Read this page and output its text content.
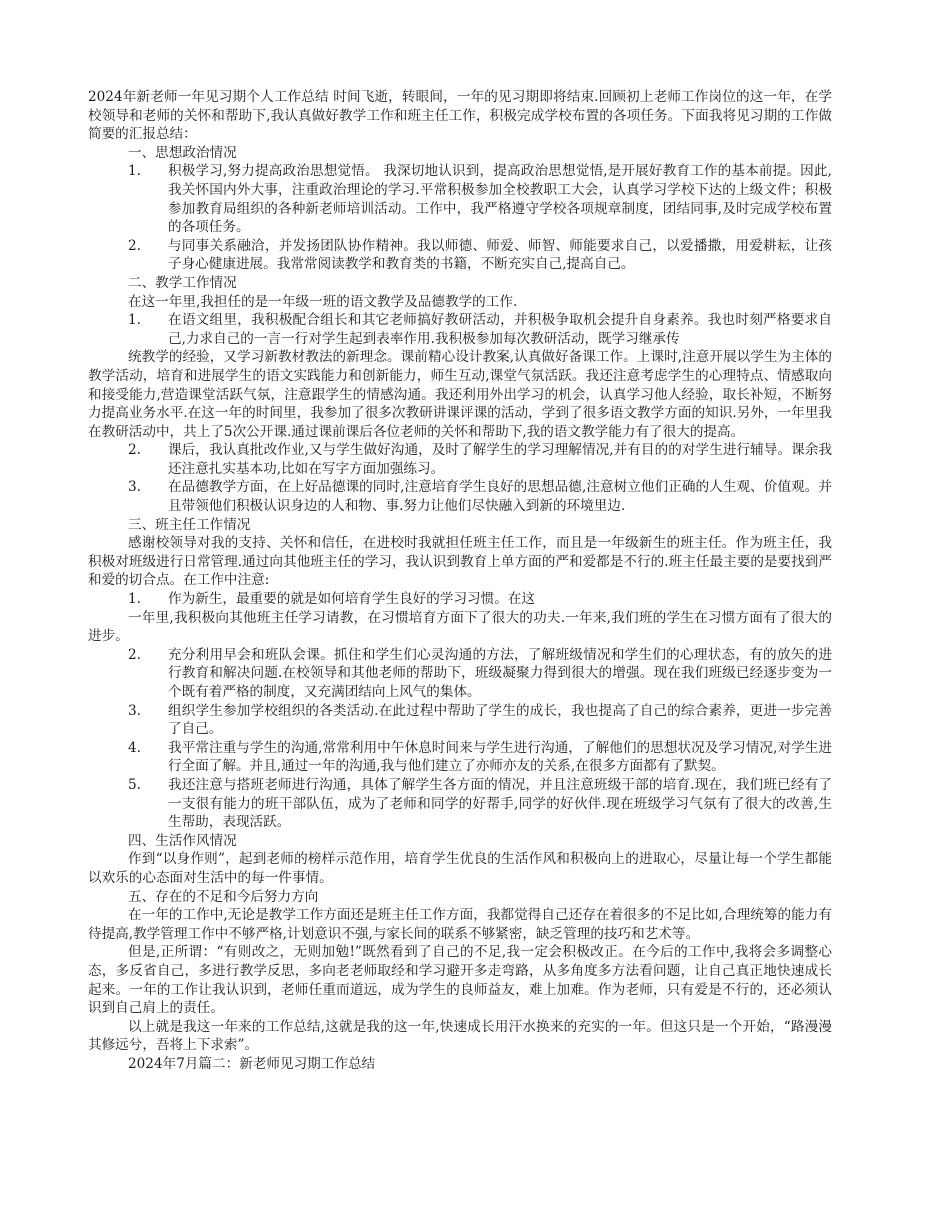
2024年新老师一年见习期个人工作总结 时间飞逝，转眼间，一年的见习期即将结束.回顾初上老师工作岗位的这一年，在学校领导和老师的关怀和帮助下,我认真做好教学工作和班主任工作，积极完成学校布置的各项任务。下面我将见习期的工作做简要的汇报总结：

一、思想政治情况

1. 积极学习,努力提高政治思想觉悟。 我深切地认识到，提高政治思想觉悟,是开展好教育工作的基本前提。因此,我关怀国内外大事，注重政治理论的学习.平常积极参加全校教职工大会，认真学习学校下达的上级文件；积极参加教育局组织的各种新老师培训活动。工作中，我严格遵守学校各项规章制度，团结同事,及时完成学校布置的各项任务。

2. 与同事关系融洽，并发扬团队协作精神。我以师德、师爱、师智、师能要求自己，以爱播撒，用爱耕耘，让孩子身心健康进展。我常常阅读教学和教育类的书籍，不断充实自己,提高自己。

二、教学工作情况
在这一年里,我担任的是一年级一班的语文教学及品德教学的工作.

1. 在语文组里，我积极配合组长和其它老师搞好教研活动，并积极争取机会提升自身素养。我也时刻严格要求自己,力求自己的一言一行对学生起到表率作用.我积极参加每次教研活动，既学习继承传

统教学的经验，又学习新教材教法的新理念。课前精心设计教案,认真做好备课工作。上课时,注意开展以学生为主体的教学活动，培育和进展学生的语文实践能力和创新能力，师生互动,课堂气氛活跃。我还注意考虑学生的心理特点、情感取向和接受能力,营造课堂活跃气氛，注意跟学生的情感沟通。我还利用外出学习的机会，认真学习他人经验，取长补短，不断努力提高业务水平.在这一年的时间里，我参加了很多次教研讲课评课的活动，学到了很多语文教学方面的知识.另外，一年里我在教研活动中，共上了5次公开课.通过课前课后各位老师的关怀和帮助下,我的语文教学能力有了很大的提高。

2. 课后，我认真批改作业,又与学生做好沟通，及时了解学生的学习理解情况,并有目的的对学生进行辅导。课余我还注意扎实基本功,比如在写字方面加强练习。

3. 在品德教学方面，在上好品德课的同时,注意培育学生良好的思想品德,注意树立他们正确的人生观、价值观。并且带领他们积极认识身边的人和物、事.努力让他们尽快融入到新的环境里边.

三、班主任工作情况

感谢校领导对我的支持、关怀和信任，在进校时我就担任班主任工作，而且是一年级新生的班主任。作为班主任，我积极对班级进行日常管理.通过向其他班主任的学习，我认识到教育上单方面的严和爱都是不行的.班主任最主要的是要找到严和爱的切合点。在工作中注意:

1. 作为新生，最重要的就是如何培育学生良好的学习习惯。在这

一年里,我积极向其他班主任学习请教，在习惯培育方面下了很大的功夫.一年来,我们班的学生在习惯方面有了很大的进步。

2. 充分利用早会和班队会课。抓住和学生们心灵沟通的方法，了解班级情况和学生们的心理状态，有的放矢的进行教育和解决问题.在校领导和其他老师的帮助下，班级凝聚力得到很大的增强。现在我们班级已经逐步变为一个既有着严格的制度，又充满团结向上风气的集体。

3. 组织学生参加学校组织的各类活动.在此过程中帮助了学生的成长，我也提高了自己的综合素养，更进一步完善了自己。

4. 我平常注重与学生的沟通,常常利用中午休息时间来与学生进行沟通，了解他们的思想状况及学习情况,对学生进行全面了解。并且,通过一年的沟通,我与他们建立了亦师亦友的关系,在很多方面都有了默契。

5. 我还注意与搭班老师进行沟通，具体了解学生各方面的情况，并且注意班级干部的培育.现在，我们班已经有了一支很有能力的班干部队伍，成为了老师和同学的好帮手,同学的好伙伴.现在班级学习气氛有了很大的改善,生生帮助，表现活跃。

四、生活作风情况

作到“以身作则”，起到老师的榜样示范作用，培育学生优良的生活作风和积极向上的进取心，尽量让每一个学生都能以欢乐的心态面对生活中的每一件事情。

五、存在的不足和今后努力方向

在一年的工作中,无论是教学工作方面还是班主任工作方面，我都觉得自己还存在着很多的不足比如,合理统筹的能力有待提高,教学管理工作中不够严格,计划意识不强,与家长间的联系不够紧密，缺乏管理的技巧和艺术等。

但是,正所谓：“有则改之，无则加勉!”既然看到了自己的不足,我一定会积极改正。在今后的工作中,我将会多调整心态，多反省自己，多进行教学反思，多向老老师取经和学习避开多走弯路，从多角度多方法看问题，让自己真正地快速成长起来。一年的工作让我认识到，老师任重而道远，成为学生的良师益友，难上加难。作为老师，只有爱是不行的，还必须认识到自己肩上的责任。

以上就是我这一年来的工作总结,这就是我的这一年,快速成长用汗水换来的充实的一年。但这只是一个开始，“路漫漫其修远兮，吾将上下求索”。

2024年7月篇二：新老师见习期工作总结
